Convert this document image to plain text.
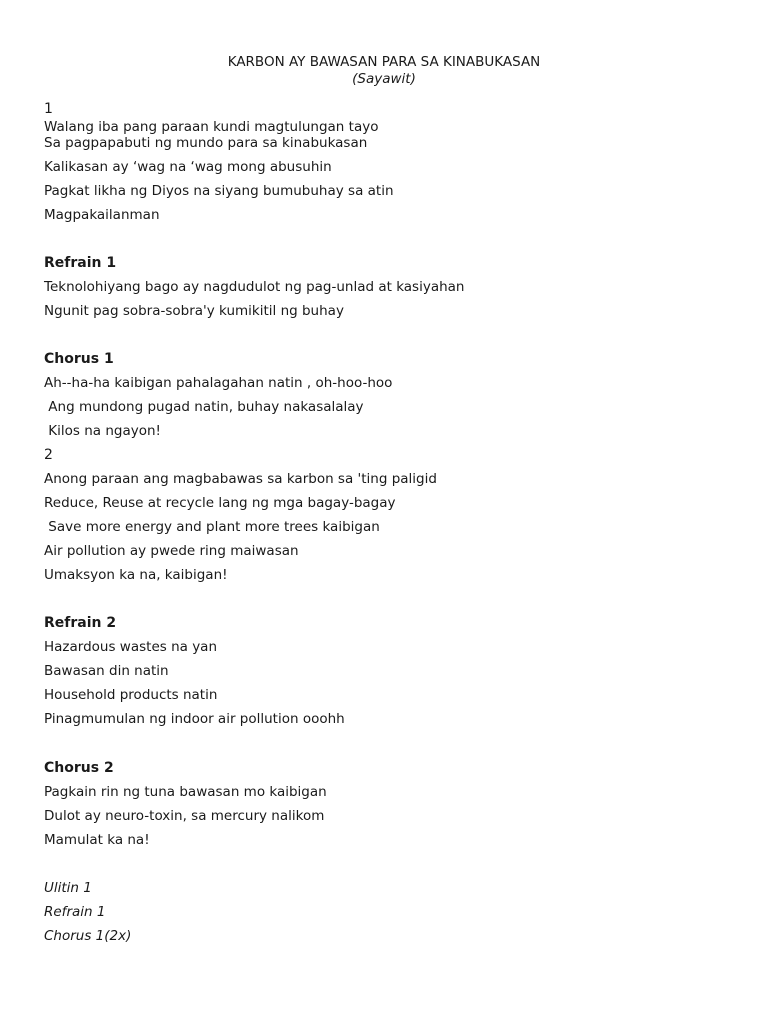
KARBON AY BAWASAN PARA SA KINABUKASAN
(Sayawit)
1
Walang iba pang paraan kundi magtulungan tayo
Sa pagpapabuti ng mundo para sa kinabukasan
Kalikasan ay ‘wag na ‘wag mong abusuhin
Pagkat likha ng Diyos na siyang bumubuhay sa atin
Magpakailanman
Refrain 1
Teknolohiyang bago ay nagdudulot ng pag-unlad at kasiyahan
Ngunit pag sobra-sobra'y kumikitil ng buhay
Chorus 1
Ah--ha-ha kaibigan pahalagahan natin , oh-hoo-hoo
Ang mundong pugad natin, buhay nakasalalay
Kilos na ngayon!
2
Anong paraan ang magbabawas sa karbon sa 'ting paligid
Reduce, Reuse at recycle lang ng mga bagay-bagay
Save more energy and plant more trees kaibigan
Air pollution ay pwede ring maiwasan
Umaksyon ka na, kaibigan!
Refrain 2
Hazardous wastes na yan
Bawasan din natin
Household products natin
Pinagmumulan ng indoor air pollution ooohh
Chorus 2
Pagkain rin ng tuna bawasan mo kaibigan
Dulot ay neuro-toxin, sa mercury nalikom
Mamulat ka na!
Ulitin 1
Refrain 1
Chorus 1(2x)
